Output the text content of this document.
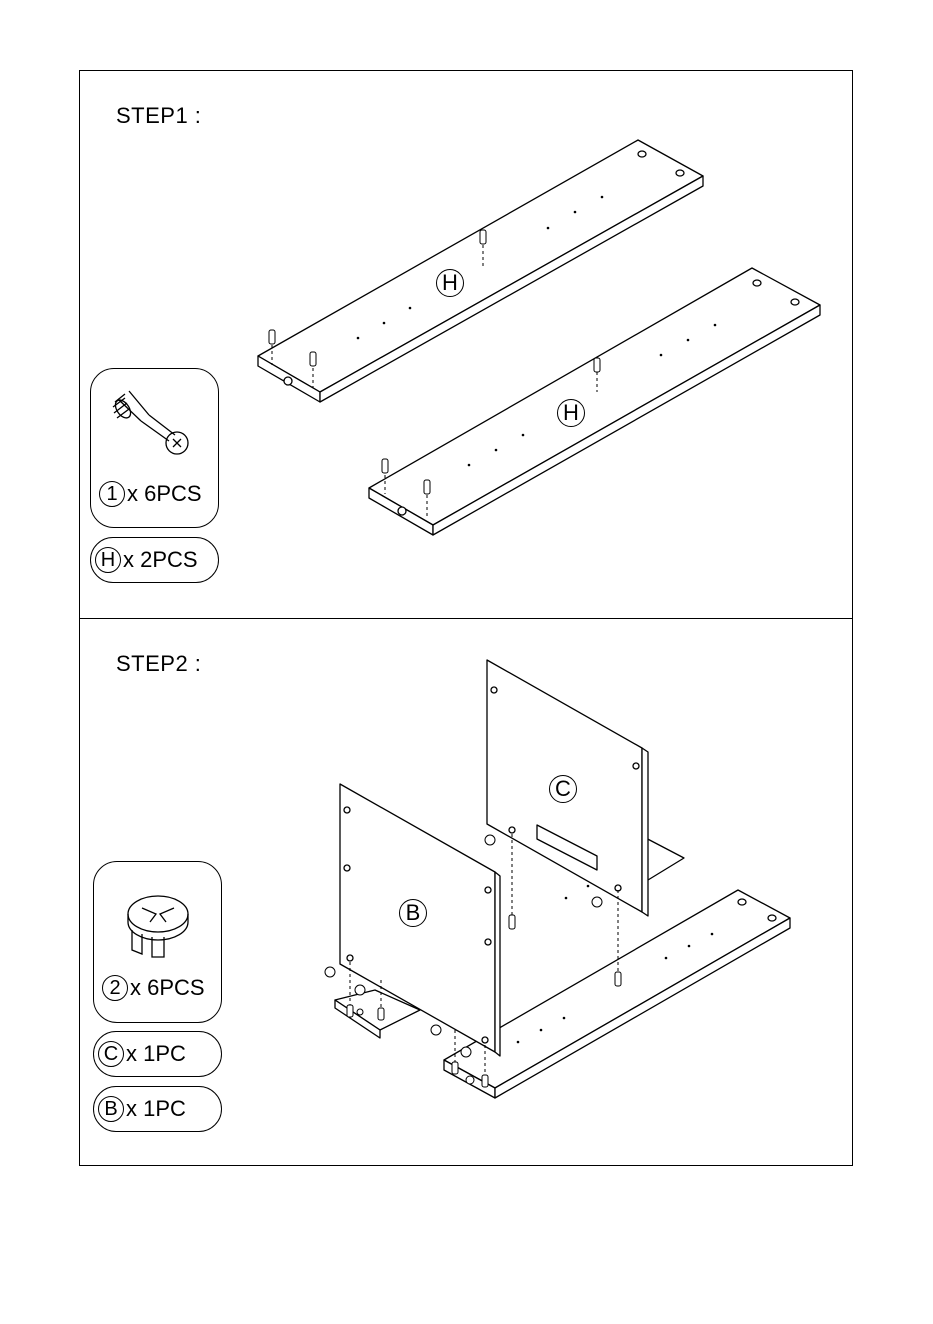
STEP1 :
1 x 6PCS
H x 2PCS
STEP2 :
2 x 6PCS
C x 1PC
B x 1PC
H
H
C
B
